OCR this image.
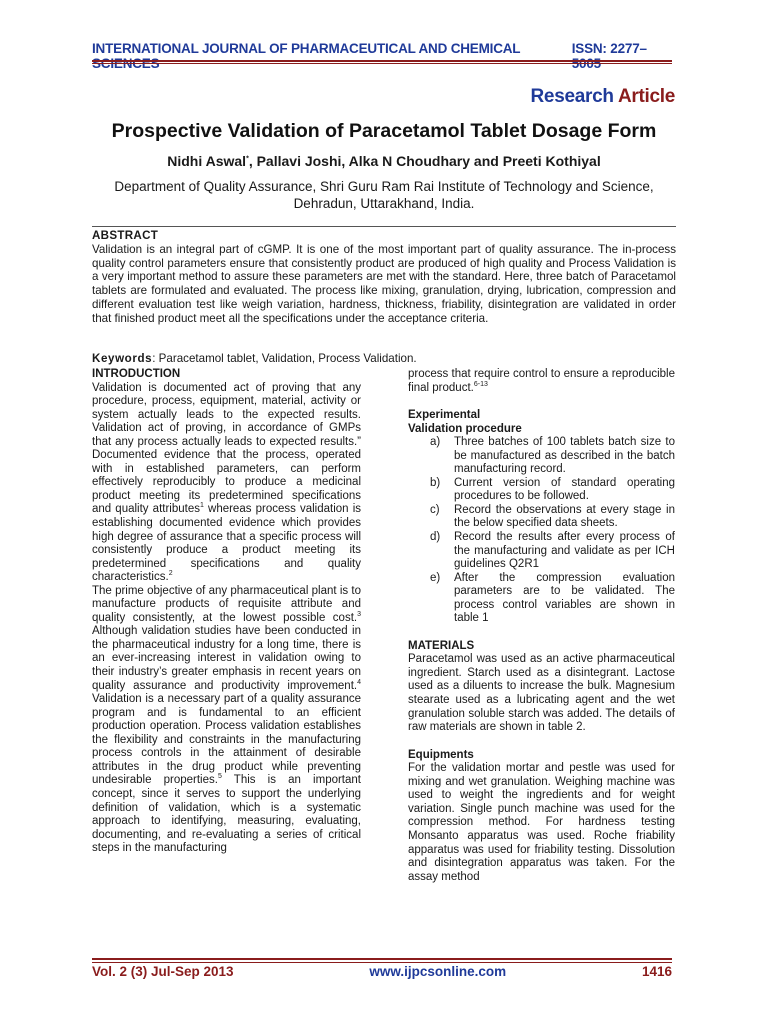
INTERNATIONAL JOURNAL OF PHARMACEUTICAL AND CHEMICAL	ISSN: 2277–
Research Article
Prospective Validation of Paracetamol Tablet Dosage Form
Nidhi Aswal*, Pallavi Joshi, Alka N Choudhary and Preeti Kothiyal
Department of Quality Assurance, Shri Guru Ram Rai Institute of Technology and Science,
Dehradun, Uttarakhand, India.
ABSTRACT
Validation is an integral part of cGMP. It is one of the most important part of quality assurance. The in-process quality control parameters ensure that consistently product are produced of high quality and Process Validation is a very important method to assure these parameters are met with the standard. Here, three batch of Paracetamol tablets are formulated and evaluated. The process like mixing, granulation, drying, lubrication, compression and different evaluation test like weigh variation, hardness, thickness, friability, disintegration are validated in order that finished product meet all the specifications under the acceptance criteria.
Keywords: Paracetamol tablet, Validation, Process Validation.
INTRODUCTION

Validation is documented act of proving that any procedure, process, equipment, material, activity or system actually leads to the expected results. Validation act of proving, in accordance of GMPs that any process actually leads to expected results.” Documented evidence that the process, operated with in established parameters, can perform effectively reproducibly to produce a medicinal product meeting its predetermined specifications and quality attributes$^1$ whereas process validation is establishing documented evidence which provides high degree of assurance that a specific process will consistently produce a product meeting its predetermined specifications and quality characteristics.$^2$

The prime objective of any pharmaceutical plant is to manufacture products of requisite attribute and quality consistently, at the lowest possible cost.$^3$ Although validation studies have been conducted in the pharmaceutical industry for a long time, there is an ever-increasing interest in validation owing to their industry’s greater emphasis in recent years on quality assurance and productivity improvement.$^4$ Validation is a necessary part of a quality assurance program and is fundamental to an efficient production operation. Process validation establishes the flexibility and constraints in the manufacturing process controls in the attainment of desirable attributes in the drug product while preventing undesirable properties.$^5$ This is an important concept, since it serves to support the underlying definition of validation, which is a systematic approach to identifying, measuring, evaluating, documenting, and re-evaluating a series of critical steps in the manufacturing

process that require control to ensure a reproducible final product.$^{6-13}$

Experimental
Validation procedure
a)	Three batches of 100 tablets batch size to be manufactured as described in the batch manufacturing record.
b)	Current version of standard operating procedures to be followed.
c)	Record the observations at every stage in the below specified data sheets.
d)	Record the results after every process of the manufacturing and validate as per ICH guidelines Q2R1
e)	After the compression evaluation parameters are to be validated. The process control variables are shown in table 1
MATERIALS

Paracetamol was used as an active pharmaceutical ingredient. Starch used as a disintegrant. Lactose used as a diluents to increase the bulk. Magnesium stearate used as a lubricating agent and the wet granulation soluble starch was added. The details of raw materials are shown in table 2.

Equipments

For the validation mortar and pestle was used for mixing and wet granulation. Weighing machine was used to weight the ingredients and for weight variation. Single punch machine was used for the compression method. For hardness testing Monsanto apparatus was used. Roche friability apparatus was used for friability testing. Dissolution and disintegration apparatus was taken. For the assay method

Vol. 2 (3) Jul-Sep 2013	www.ijpcsonline.com	1416
